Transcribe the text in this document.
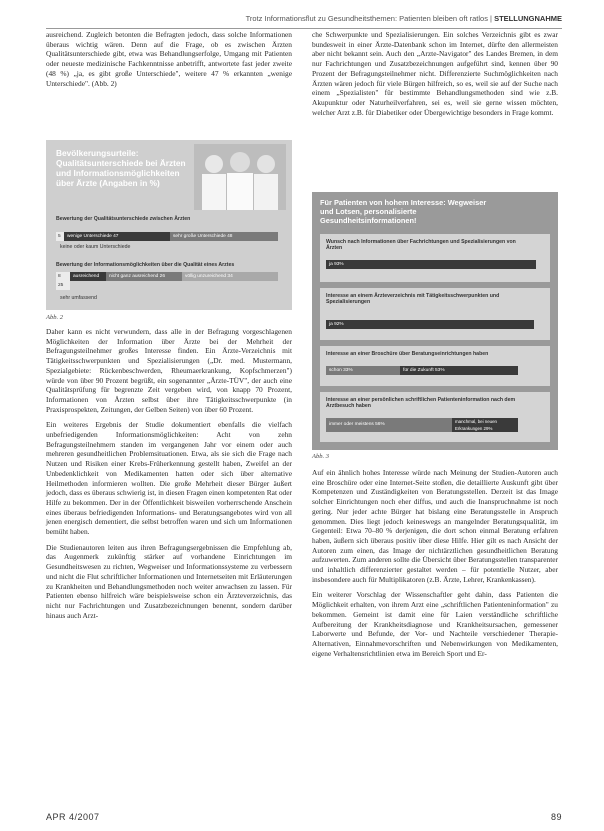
Trotz Informationsflut zu Gesundheitsthemen: Patienten bleiben oft ratlos | STELLUNGNAHME

ausreichend. Zugleich betonten die Befragten jedoch, dass solche Informationen überaus wichtig wären. Denn auf die Frage, ob es zwischen Ärzten Qualitätsunterschiede gibt, etwa was Behandlungserfolge, Umgang mit Patienten oder neueste medizinische Fachkenntnisse anbetrifft, antwortete fast jeder zweite (48 %) „ja, es gibt große Unterschiede", weitere 47 % erkannten „wenige Unterschiede". (Abb. 2)

Bevölkerungsurteile: Qualitätsunterschiede bei Ärzten und Informationsmöglichkeiten über Ärzte (Angaben in %)
Bewertung der Qualitätsunterschiede zwischen Ärzten
5	wenige Unterschiede 47	sehr große Unterschiede 48
keine oder kaum Unterschiede
Bewertung der Informationsmöglichkeiten über die Qualität eines Arztes
8	ausreichend	nicht ganz ausreichend 26	völlig unzureichend 34
25
sehr umfassend
Abb. 2

Daher kann es nicht verwundern, dass alle in der Befragung vorgeschlagenen Möglichkeiten der Information über Ärzte bei der Mehrheit der Befragungsteilnehmer großes Interesse finden. Ein Ärzte-Verzeichnis mit Tätigkeitsschwerpunkten und Spezialisierungen („Dr. med. Mustermann, Spezialgebiete: Rückenbeschwerden, Rheumaerkrankung, Kopfschmerzen") würde von über 90 Prozent begrüßt, ein sogenannter „Ärzte-TÜV", der auch eine Qualitätsprüfung für begrenzte Zeit vergeben wird, von knapp 70 Prozent, Informationen von Ärzten selbst über ihre Tätigkeitsschwerpunkte (in Praxisprospekten, Zeitungen, der Gelben Seiten) von über 60 Prozent.

Ein weiteres Ergebnis der Studie dokumentiert ebenfalls die vielfach unbefriedigenden Informationsmöglichkeiten: Acht von zehn Befragungsteilnehmern standen im vergangenen Jahr vor einem oder auch mehreren gesundheitlichen Problemsituationen. Etwa, als sie sich die Frage nach Nutzen und Risiken einer Krebs-Früherkennung gestellt haben, Zweifel an der Unbedenklichkeit von Medikamenten hatten oder sich über alternative Heilmethoden informieren wollten. Die große Mehrheit dieser Bürger äußert jedoch, dass es überaus schwierig ist, in diesen Fragen einen kompetenten Rat oder Hilfe zu bekommen. Der in der Öffentlichkeit bisweilen vorherrschende Anschein eines überaus befriedigenden Informations- und Beratungsangebotes wird von all jenen energisch dementiert, die selbst betroffen waren und sich um Informationen bemüht haben.

Die Studienautoren leiten aus ihren Befragungsergebnissen die Empfehlung ab, das Augenmerk zukünftig stärker auf vorhandene Einrichtungen im Gesundheitswesen zu richten, Wegweiser und Informationssysteme zu verbessern und nicht die Flut schriftlicher Informationen und Internetseiten mit Erläuterungen zu Krankheiten und Behandlungsmethoden noch weiter anwachsen zu lassen. Für Patienten ebenso hilfreich wäre beispielsweise schon ein Ärzteverzeichnis, das nicht nur Fachrichtungen und Zusatzbezeichnungen benennt, sondern darüber hinaus auch Arzt-

che Schwerpunkte und Spezialisierungen. Ein solches Verzeichnis gibt es zwar bundesweit in einer Ärzte-Datenbank schon im Internet, dürfte den allermeisten aber nicht bekannt sein. Auch den „Arzte-Navigator" des Landes Bremen, in dem nur Fachrichtungen und Zusatzbezeichnungen aufgeführt sind, kennen über 90 Prozent der Befragungsteilnehmer nicht. Differenzierte Suchmöglichkeiten nach Ärzten wären jedoch für viele Bürgen hilfreich, so es, weil sie auf der Suche nach einem „Spezialisten" für bestimmte Behandlungsmethoden sind wie z.B. Akupunktur oder Naturheilverfahren, sei es, weil sie gerne wissen möchten, welcher Arzt z.B. für Diabetiker oder Übergewichtige besonders in Frage kommt.

Für Patienten von hohem Interesse: Wegweiser und Lotsen, personalisierte Gesundheitsinformationen!
Wunsch nach Informationen über Fachrichtungen und Spezialisierungen von Ärzten
ja 93%
Interesse an einem Ärzteverzeichnis mit Tätigkeitsschwerpunkten und Spezialisierungen
ja 92%
Interesse an einer Broschüre über Beratungseinrichtungen haben
schon 33%	für die Zukunft 53%
Interesse an einer persönlichen schriftlichen Patienteninformation nach dem Arztbesuch haben
immer oder meistens 56%
manchmal, bei neuen Erkrankungen 29%
Abb. 3

Auf ein ähnlich hohes Interesse würde nach Meinung der Studien-Autoren auch eine Broschüre oder eine Internet-Seite stoßen, die detaillierte Auskunft gibt über Kompetenzen und Zuständigkeiten von Beratungsstellen. Derzeit ist das Image solcher Einrichtungen noch eher diffus, und auch die Inanspruchnahme ist noch gering. Nur jeder achte Bürger hat bislang eine Beratungsstelle in Anspruch genommen. Dies liegt jedoch keineswegs an mangelnder Beratungsqualität, im Gegenteil: Etwa 70–80 % derjenigen, die dort schon einmal Beratung erfahren haben, äußern sich überaus positiv über diese Hilfe. Hier gilt es nach Ansicht der Autoren zum einen, das Image der nichtärztlichen gesundheitlichen Beratung aufzuwerten. Zum anderen sollte die Übersicht über Beratungsstellen transparenter und inhaltlich differenzierter gestaltet werden – für potentielle Nutzer, aber insbesondere auch für Multiplikatoren (z.B. Ärzte, Lehrer, Krankenkassen).

Ein weiterer Vorschlag der Wissenschaftler geht dahin, dass Patienten die Möglichkeit erhalten, von ihrem Arzt eine „schriftlichen Patienteninformation" zu bekommen. Gemeint ist damit eine für Laien verständliche schriftliche Aufbereitung der Krankheitsdiagnose und Krankheitsursachen, gemessener Laborwerte und Befunde, der Vor- und Nachteile verschiedener Therapie-Alternativen, Einnahmevorschriften und Nebenwirkungen von Medikamenten, eigene Verhaltensrichtlinien etwa im Bereich Sport und Er-

APR 4/2007	89
